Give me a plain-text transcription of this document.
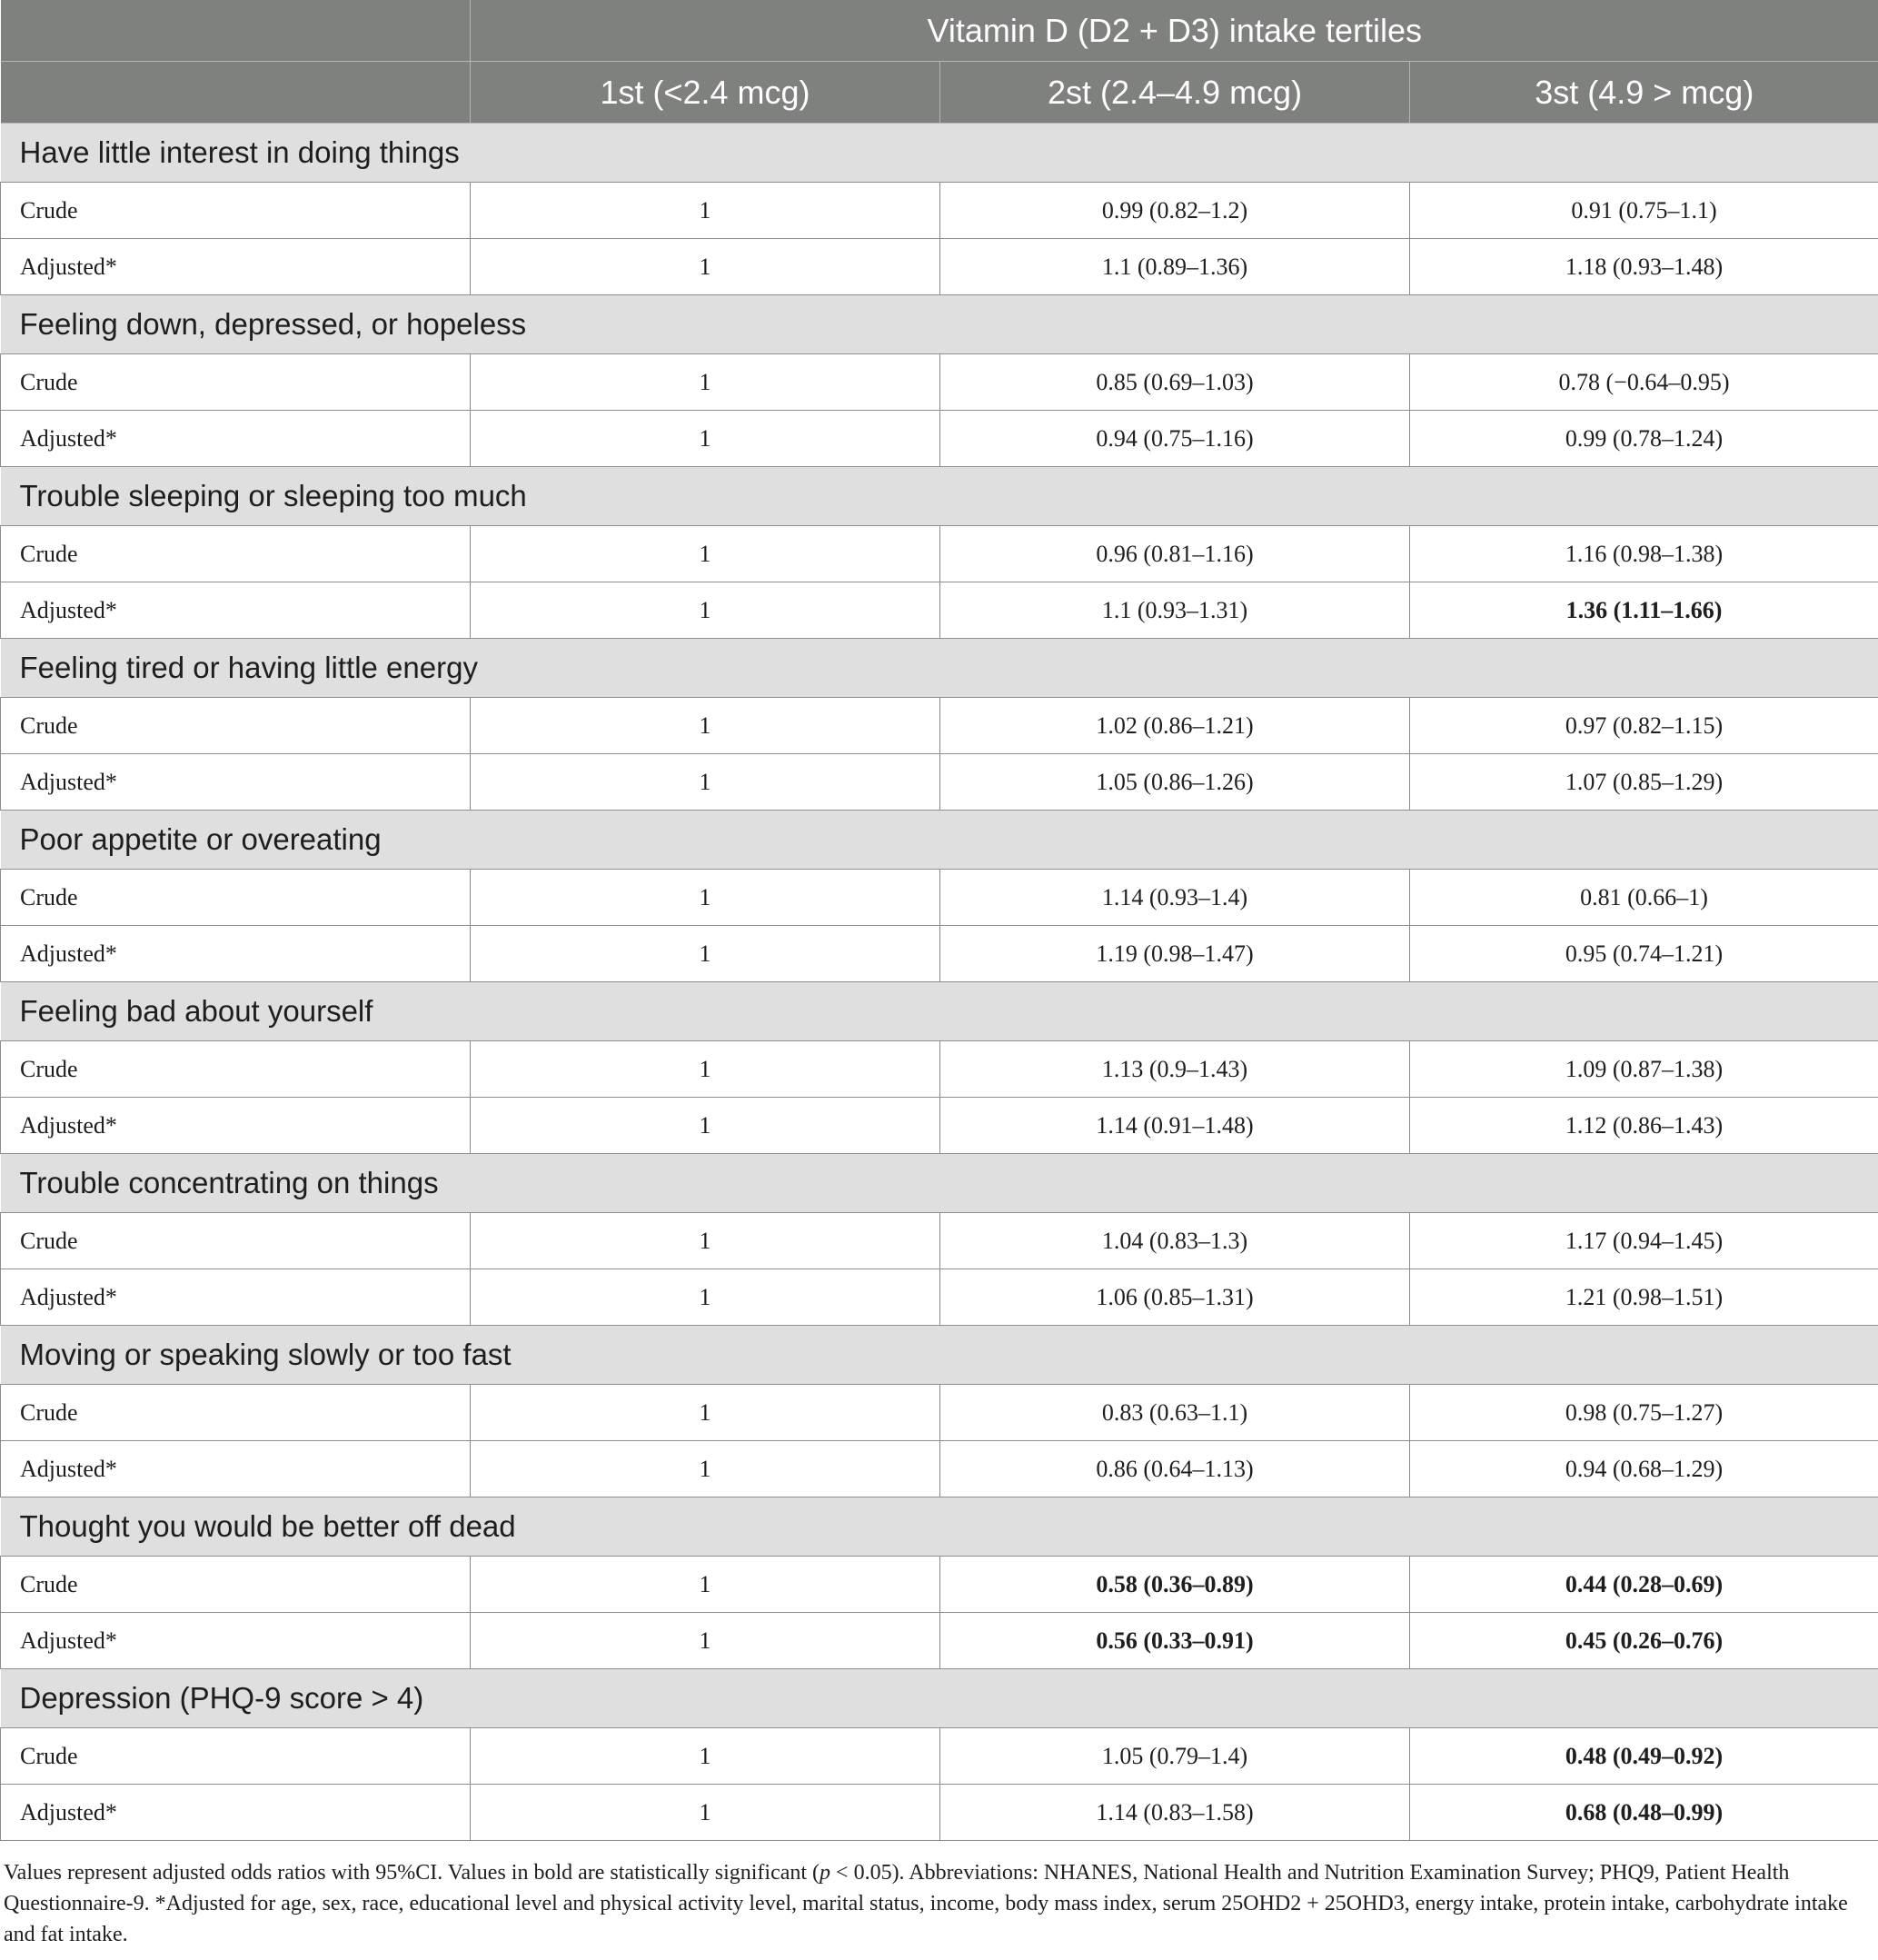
	Vitamin D (D2 + D3) intake tertiles		
	1st (<2.4 mcg)	2st (2.4–4.9 mcg)	3st (4.9 > mcg)
Have little interest in doing things			
Crude	1	0.99 (0.82–1.2)	0.91 (0.75–1.1)
Adjusted*	1	1.1 (0.89–1.36)	1.18 (0.93–1.48)
Feeling down, depressed, or hopeless			
Crude	1	0.85 (0.69–1.03)	0.78 (−0.64–0.95)
Adjusted*	1	0.94 (0.75–1.16)	0.99 (0.78–1.24)
Trouble sleeping or sleeping too much			
Crude	1	0.96 (0.81–1.16)	1.16 (0.98–1.38)
Adjusted*	1	1.1 (0.93–1.31)	1.36 (1.11–1.66)
Feeling tired or having little energy			
Crude	1	1.02 (0.86–1.21)	0.97 (0.82–1.15)
Adjusted*	1	1.05 (0.86–1.26)	1.07 (0.85–1.29)
Poor appetite or overeating			
Crude	1	1.14 (0.93–1.4)	0.81 (0.66–1)
Adjusted*	1	1.19 (0.98–1.47)	0.95 (0.74–1.21)
Feeling bad about yourself			
Crude	1	1.13 (0.9–1.43)	1.09 (0.87–1.38)
Adjusted*	1	1.14 (0.91–1.48)	1.12 (0.86–1.43)
Trouble concentrating on things			
Crude	1	1.04 (0.83–1.3)	1.17 (0.94–1.45)
Adjusted*	1	1.06 (0.85–1.31)	1.21 (0.98–1.51)
Moving or speaking slowly or too fast			
Crude	1	0.83 (0.63–1.1)	0.98 (0.75–1.27)
Adjusted*	1	0.86 (0.64–1.13)	0.94 (0.68–1.29)
Thought you would be better off dead			
Crude	1	0.58 (0.36–0.89)	0.44 (0.28–0.69)
Adjusted*	1	0.56 (0.33–0.91)	0.45 (0.26–0.76)
Depression (PHQ-9 score > 4)			
Crude	1	1.05 (0.79–1.4)	0.48 (0.49–0.92)
Adjusted*	1	1.14 (0.83–1.58)	0.68 (0.48–0.99)
Values represent adjusted odds ratios with 95%CI. Values in bold are statistically significant (p < 0.05). Abbreviations: NHANES, National Health and Nutrition Examination Survey; PHQ9, Patient Health Questionnaire-9. *Adjusted for age, sex, race, educational level and physical activity level, marital status, income, body mass index, serum 25OHD2 + 25OHD3, energy intake, protein intake, carbohydrate intake and fat intake.
